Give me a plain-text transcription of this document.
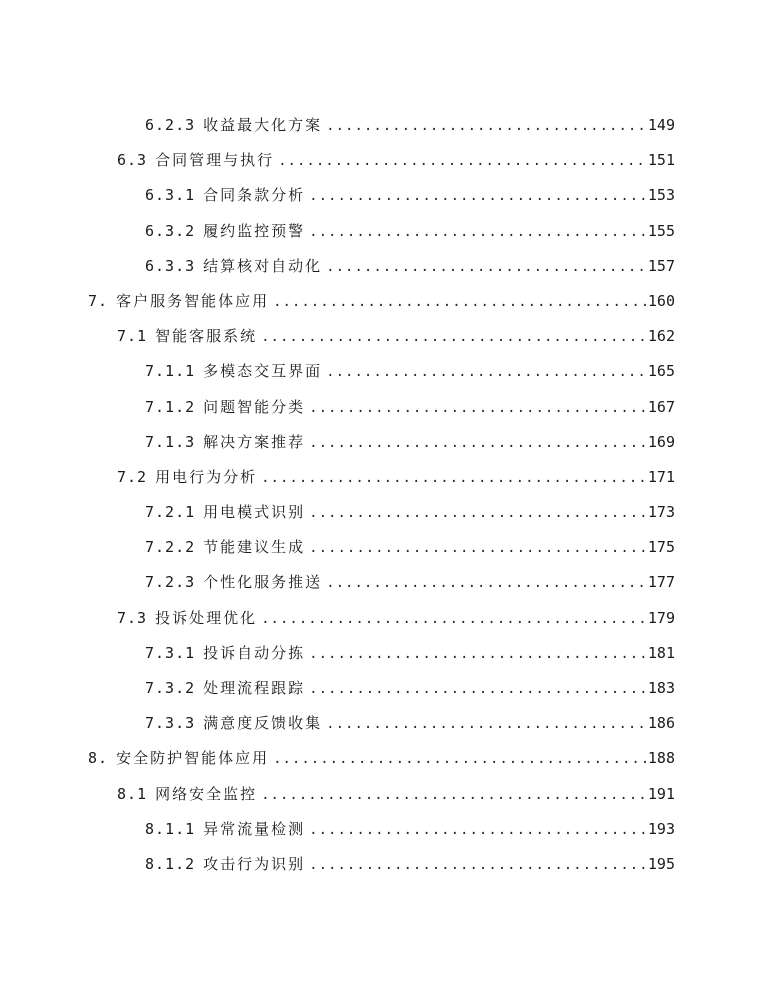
6.2.3 收益最大化方案 .....	149
6.3 合同管理与执行 .....	151
6.3.1 合同条款分析 .....	153
6.3.2 履约监控预警 .....	155
6.3.3 结算核对自动化 .....	157
7. 客户服务智能体应用 .....	160
7.1 智能客服系统 .....	162
7.1.1 多模态交互界面 .....	165
7.1.2 问题智能分类 .....	167
7.1.3 解决方案推荐 .....	169
7.2 用电行为分析 .....	171
7.2.1 用电模式识别 .....	173
7.2.2 节能建议生成 .....	175
7.2.3 个性化服务推送 .....	177
7.3 投诉处理优化 .....	179
7.3.1 投诉自动分拣 .....	181
7.3.2 处理流程跟踪 .....	183
7.3.3 满意度反馈收集 .....	186
8. 安全防护智能体应用 .....	188
8.1 网络安全监控 .....	191
8.1.1 异常流量检测 .....	193
8.1.2 攻击行为识别 .....	195
